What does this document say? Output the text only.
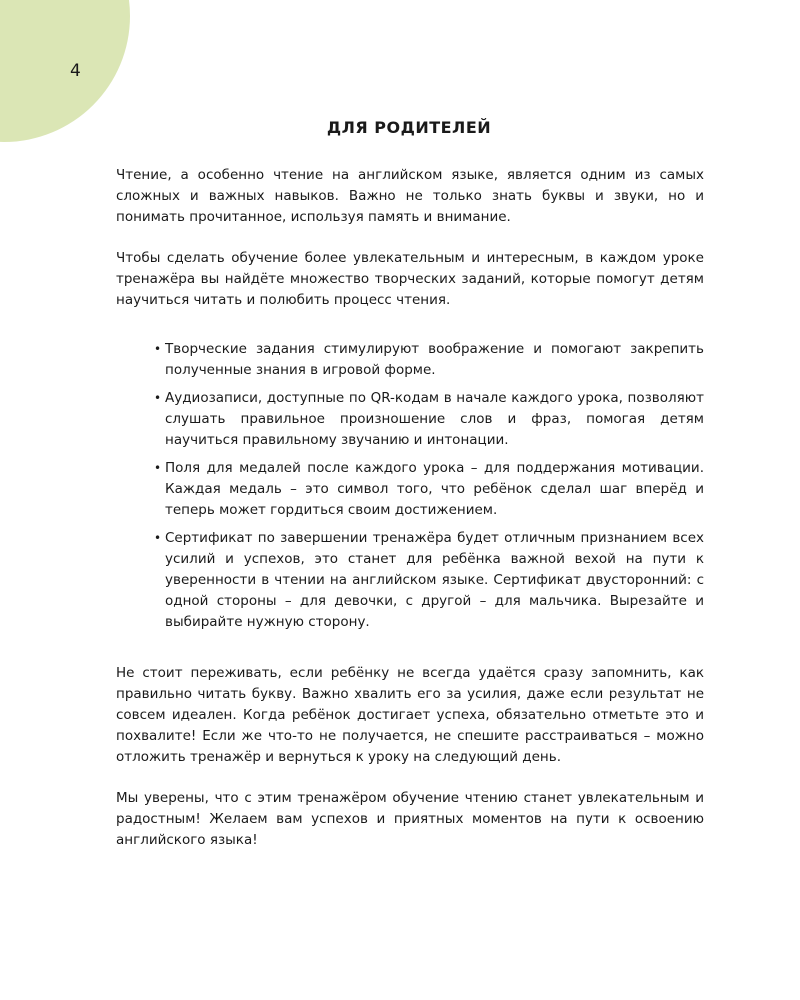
4
ДЛЯ РОДИТЕЛЕЙ

Чтение, а особенно чтение на английском языке, является одним из самых сложных и важных навыков. Важно не только знать буквы и звуки, но и понимать прочитанное, используя память и внимание.

Чтобы сделать обучение более увлекательным и интересным, в каждом уроке тренажёра вы найдёте множество творческих заданий, которые помогут детям научиться читать и полюбить процесс чтения.

• Творческие задания стимулируют воображение и помогают закрепить полученные знания в игровой форме.
• Аудиозаписи, доступные по QR-кодам в начале каждого урока, позволяют слушать правильное произношение слов и фраз, помогая детям научиться правильному звучанию и интонации.
• Поля для медалей после каждого урока – для поддержания мотивации. Каждая медаль – это символ того, что ребёнок сделал шаг вперёд и теперь может гордиться своим достижением.
• Сертификат по завершении тренажёра будет отличным признанием всех усилий и успехов, это станет для ребёнка важной вехой на пути к уверенности в чтении на английском языке. Сертификат двусторонний: с одной стороны – для девочки, с другой – для мальчика. Вырезайте и выбирайте нужную сторону.

Не стоит переживать, если ребёнку не всегда удаётся сразу запомнить, как правильно читать букву. Важно хвалить его за усилия, даже если результат не совсем идеален. Когда ребёнок достигает успеха, обязательно отметьте это и похвалите! Если же что-то не получается, не спешите расстраиваться – можно отложить тренажёр и вернуться к уроку на следующий день.

Мы уверены, что с этим тренажёром обучение чтению станет увлекательным и радостным! Желаем вам успехов и приятных моментов на пути к освоению английского языка!
